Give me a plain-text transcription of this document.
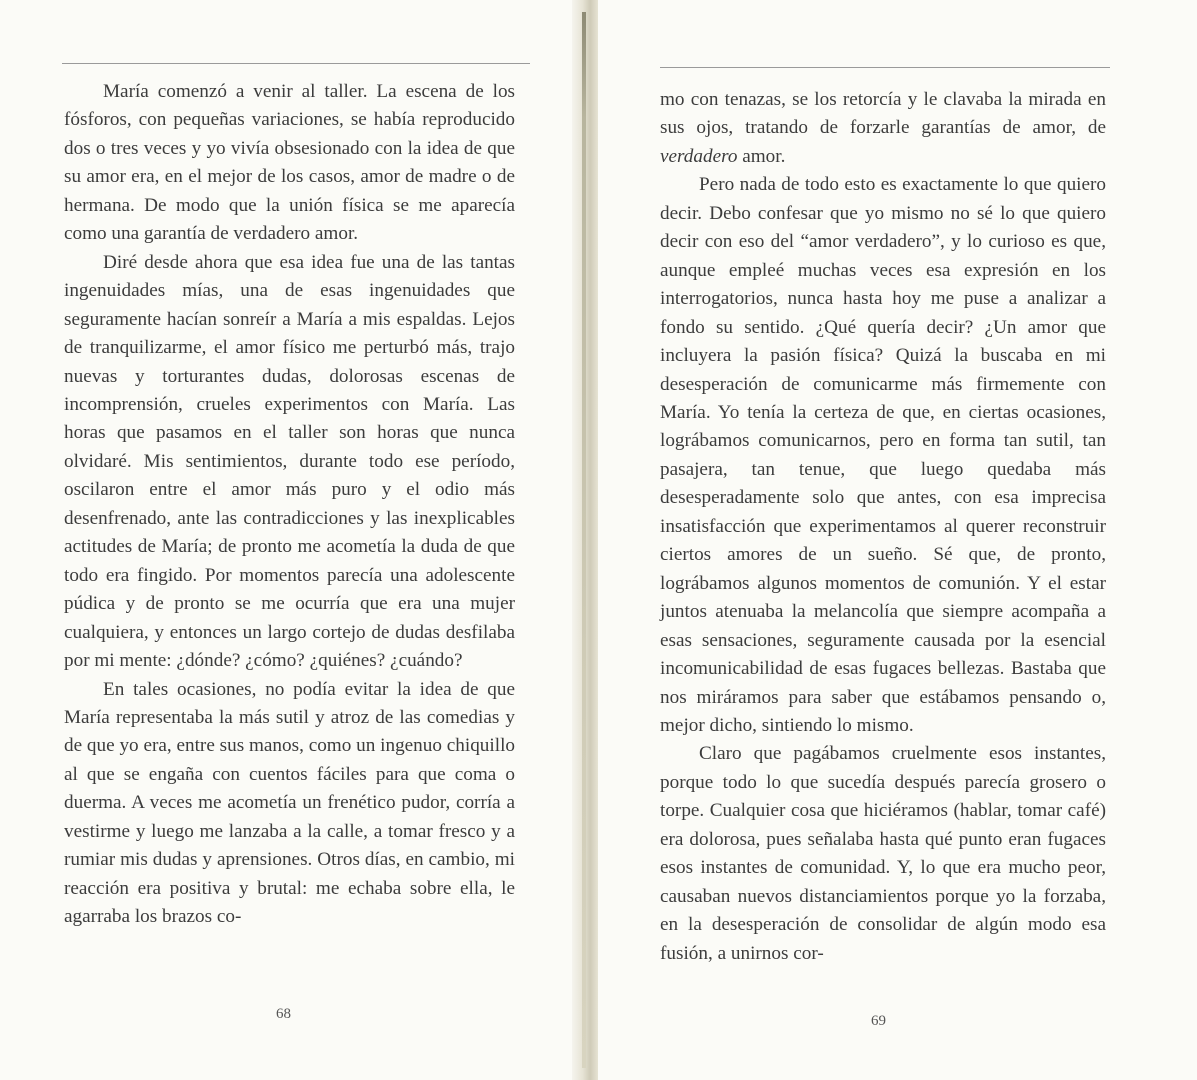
María comenzó a venir al taller. La escena de los fósforos, con pequeñas variaciones, se había reproducido dos o tres veces y yo vivía obsesionado con la idea de que su amor era, en el mejor de los casos, amor de madre o de hermana. De modo que la unión física se me aparecía como una garantía de verdadero amor.

Diré desde ahora que esa idea fue una de las tantas ingenuidades mías, una de esas ingenuidades que seguramente hacían sonreír a María a mis espaldas. Lejos de tranquilizarme, el amor físico me perturbó más, trajo nuevas y torturantes dudas, dolorosas escenas de incomprensión, crueles experimentos con María. Las horas que pasamos en el taller son horas que nunca olvidaré. Mis sentimientos, durante todo ese período, oscilaron entre el amor más puro y el odio más desenfrenado, ante las contradicciones y las inexplicables actitudes de María; de pronto me acometía la duda de que todo era fingido. Por momentos parecía una adolescente púdica y de pronto se me ocurría que era una mujer cualquiera, y entonces un largo cortejo de dudas desfilaba por mi mente: ¿dónde? ¿cómo? ¿quiénes? ¿cuándo?

En tales ocasiones, no podía evitar la idea de que María representaba la más sutil y atroz de las comedias y de que yo era, entre sus manos, como un ingenuo chiquillo al que se engaña con cuentos fáciles para que coma o duerma. A veces me acometía un frenético pudor, corría a vestirme y luego me lanzaba a la calle, a tomar fresco y a rumiar mis dudas y aprensiones. Otros días, en cambio, mi reacción era positiva y brutal: me echaba sobre ella, le agarraba los brazos co-

68

mo con tenazas, se los retorcía y le clavaba la mirada en sus ojos, tratando de forzarle garantías de amor, de verdadero amor.

Pero nada de todo esto es exactamente lo que quiero decir. Debo confesar que yo mismo no sé lo que quiero decir con eso del “amor verdadero”, y lo curioso es que, aunque empleé muchas veces esa expresión en los interrogatorios, nunca hasta hoy me puse a analizar a fondo su sentido. ¿Qué quería decir? ¿Un amor que incluyera la pasión física? Quizá la buscaba en mi desesperación de comunicarme más firmemente con María. Yo tenía la certeza de que, en ciertas ocasiones, lográbamos comunicarnos, pero en forma tan sutil, tan pasajera, tan tenue, que luego quedaba más desesperadamente solo que antes, con esa imprecisa insatisfacción que experimentamos al querer reconstruir ciertos amores de un sueño. Sé que, de pronto, lográbamos algunos momentos de comunión. Y el estar juntos atenuaba la melancolía que siempre acompaña a esas sensaciones, seguramente causada por la esencial incomunicabilidad de esas fugaces bellezas. Bastaba que nos miráramos para saber que estábamos pensando o, mejor dicho, sintiendo lo mismo.

Claro que pagábamos cruelmente esos instantes, porque todo lo que sucedía después parecía grosero o torpe. Cualquier cosa que hiciéramos (hablar, tomar café) era dolorosa, pues señalaba hasta qué punto eran fugaces esos instantes de comunidad. Y, lo que era mucho peor, causaban nuevos distanciamientos porque yo la forzaba, en la desesperación de consolidar de algún modo esa fusión, a unirnos cor-

69
